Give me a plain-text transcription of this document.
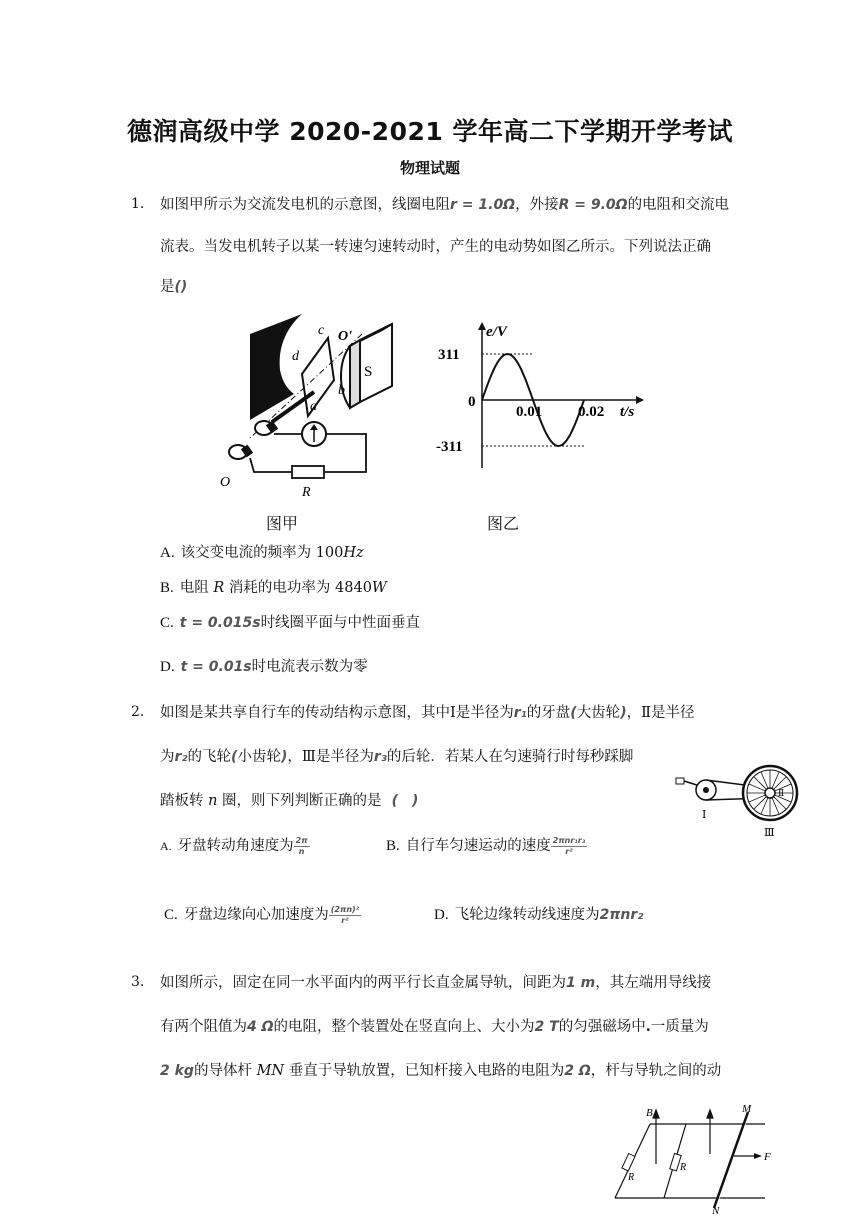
德润高级中学 2020-2021 学年高二下学期开学考试
物理试题
1. 如图甲所示为交流发电机的示意图，线圈电阻r = 1.0Ω，外接R = 9.0Ω的电阻和交流电
流表。当发电机转子以某一转速匀速转动时，产生的电动势如图乙所示。下列说法正确
是()
c O'
d
b
S
a
O
R
图甲
e/V
311
0
-311
0.01 0.02 t/s
图乙
A. 该交变电流的频率为 100Hz
B. 电阻 R 消耗的电功率为 4840W
C. t = 0.015s时线圈平面与中性面垂直
D. t = 0.01s时电流表示数为零
2. 如图是某共享自行车的传动结构示意图，其中Ⅰ是半径为r₁的牙盘(大齿轮)，Ⅱ是半径
为r₂的飞轮(小齿轮)，Ⅲ是半径为r₃的后轮．若某人在匀速骑行时每秒踩脚
踏板转 n 圈，则下列判断正确的是 (　)
Ⅰ
Ⅱ
Ⅲ
A. 牙盘转动角速度为 $\frac{2\pi}{n}$	B. 自行车匀速运动的速度 $\frac{\text{2πnr₁r₃}}{\text{r²}}$
C. 牙盘边缘向心加速度为 $\frac{\text{(2πn)²}}{\text{r²}}$	D. 飞轮边缘转动线速度为2πnr₂
3. 如图所示，固定在同一水平面内的两平行长直金属导轨，间距为1 m，其左端用导线接
有两个阻值为4 Ω的电阻，整个装置处在竖直向上、大小为2 T的匀强磁场中.一质量为
2 kg的导体杆 MN 垂直于导轨放置，已知杆接入电路的电阻为2 Ω，杆与导轨之间的动
B	M
N
F
R
R
